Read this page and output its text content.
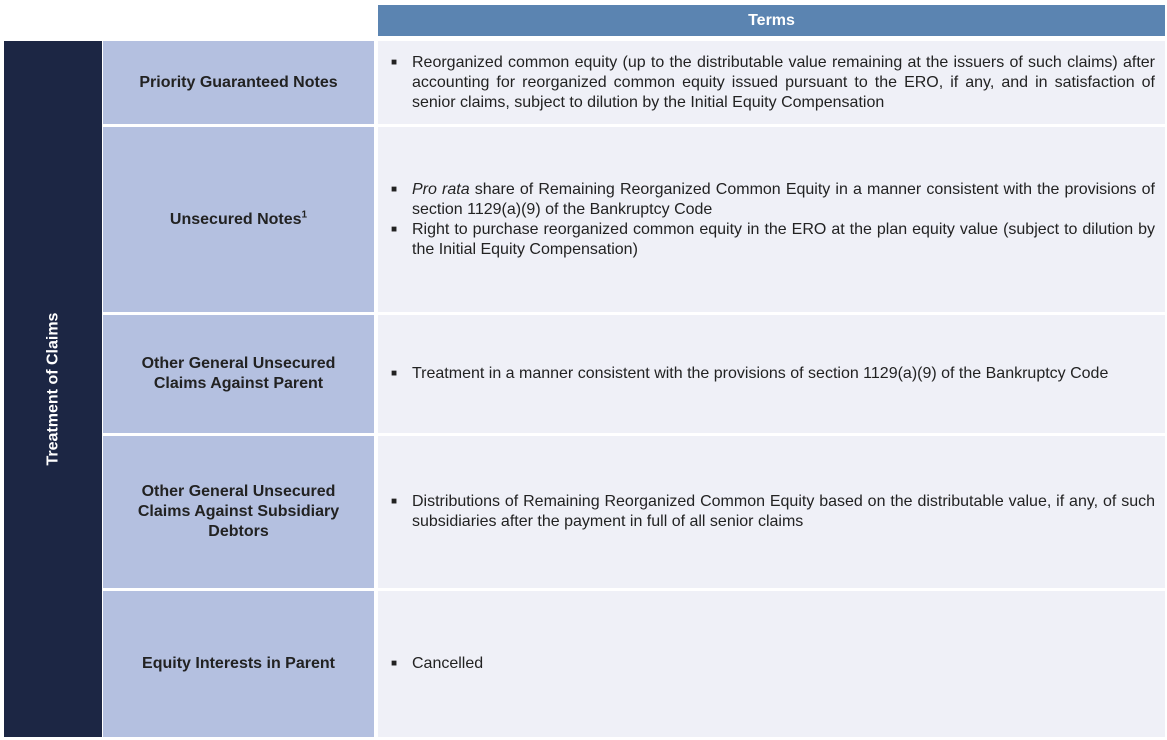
Terms
Treatment of Claims
Priority Guaranteed Notes
■ Reorganized common equity (up to the distributable value remaining at the issuers of such claims) after accounting for reorganized common equity issued pursuant to the ERO, if any, and in satisfaction of senior claims, subject to dilution by the Initial Equity Compensation
Unsecured Notes$^1$
■ Pro rata share of Remaining Reorganized Common Equity in a manner consistent with the provisions of section 1129(a)(9) of the Bankruptcy Code
■ Right to purchase reorganized common equity in the ERO at the plan equity value (subject to dilution by the Initial Equity Compensation)
Other General Unsecured Claims Against Parent
■ Treatment in a manner consistent with the provisions of section 1129(a)(9) of the Bankruptcy Code
Other General Unsecured Claims Against Subsidiary Debtors
■ Distributions of Remaining Reorganized Common Equity based on the distributable value, if any, of such subsidiaries after the payment in full of all senior claims
Equity Interests in Parent	■ Cancelled
